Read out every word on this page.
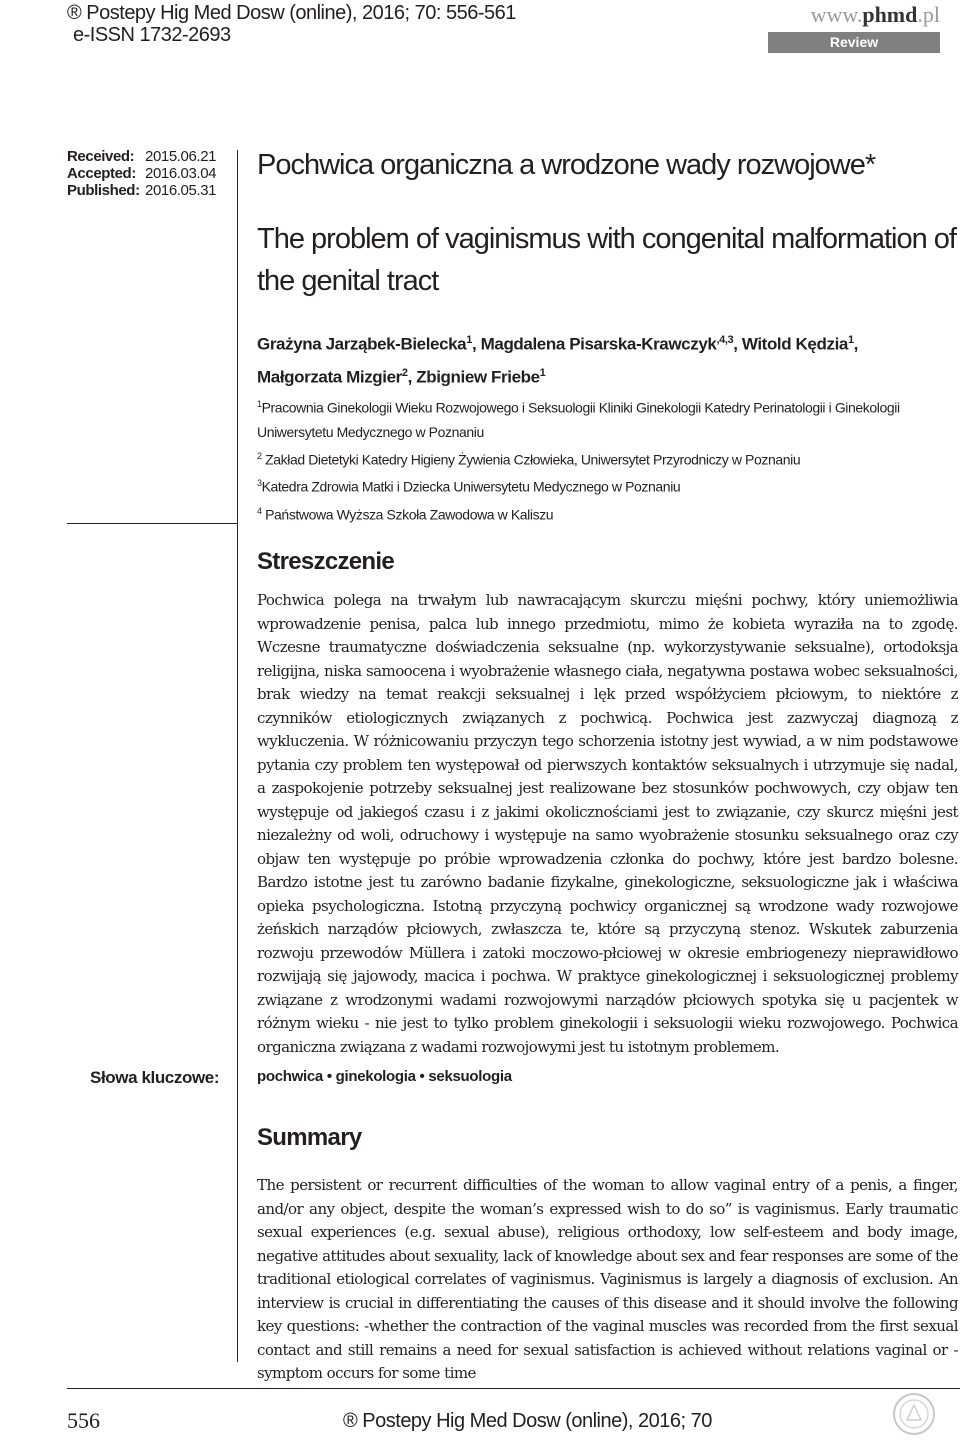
® Postepy Hig Med Dosw (online), 2016; 70: 556-561
e-ISSN 1732-2693
www.phmd.pl
Review
Received: 2015.06.21
Accepted: 2016.03.04
Published: 2016.05.31
Pochwica organiczna a wrodzone wady rozwojowe*
The problem of vaginismus with congenital malformation of the genital tract
Grażyna Jarząbek-Bielecka$^1$, Magdalena Pisarska-Krawczyk$^{,4,3}$, Witold Kędzia$^1$,
Małgorzata Mizgier$^2$, Zbigniew Friebe$^1$
$^1$Pracownia Ginekologii Wieku Rozwojowego i Seksuologii Kliniki Ginekologii Katedry Perinatologii i Ginekologii Uniwersytetu Medycznego w Poznaniu
$^2$ Zakład Dietetyki Katedry Higieny Żywienia Człowieka, Uniwersytet Przyrodniczy w Poznaniu
$^3$Katedra Zdrowia Matki i Dziecka Uniwersytetu Medycznego w Poznaniu
$^4$ Państwowa Wyższa Szkoła Zawodowa w Kaliszu
Streszczenie
Pochwica polega na trwałym lub nawracającym skurczu mięśni pochwy, który uniemożliwia wprowadzenie penisa, palca lub innego przedmiotu, mimo że kobieta wyraziła na to zgodę. Wczesne traumatyczne doświadczenia seksualne (np. wykorzystywanie seksualne), ortodoksja religijna, niska samoocena i wyobrażenie własnego ciała, negatywna postawa wobec seksualności, brak wiedzy na temat reakcji seksualnej i lęk przed współżyciem płciowym, to niektóre z czynników etiologicznych związanych z pochwicą. Pochwica jest zazwyczaj diagnozą z wykluczenia. W różnicowaniu przyczyn tego schorzenia istotny jest wywiad, a w nim podstawowe pytania czy problem ten występował od pierwszych kontaktów seksualnych i utrzymuje się nadal, a zaspokojenie potrzeby seksualnej jest realizowane bez stosunków pochwowych, czy objaw ten występuje od jakiegoś czasu i z jakimi okolicznościami jest to związanie, czy skurcz mięśni jest niezależny od woli, odruchowy i występuje na samo wyobrażenie stosunku seksualnego oraz czy objaw ten występuje po próbie wprowadzenia członka do pochwy, które jest bardzo bolesne. Bardzo istotne jest tu zarówno badanie fizykalne, ginekologiczne, seksuologiczne jak i właściwa opieka psychologiczna. Istotną przyczyną pochwicy organicznej są wrodzone wady rozwojowe żeńskich narządów płciowych, zwłaszcza te, które są przyczyną stenoz. Wskutek zaburzenia rozwoju przewodów Müllera i zatoki moczowo-płciowej w okresie embriogenezy nieprawidłowo rozwijają się jajowody, macica i pochwa. W praktyce ginekologicznej i seksuologicznej problemy związane z wrodzonymi wadami rozwojowymi narządów płciowych spotyka się u pacjentek w różnym wieku - nie jest to tylko problem ginekologii i seksuologii wieku rozwojowego. Pochwica organiczna związana z wadami rozwojowymi jest tu istotnym problemem.
Słowa kluczowe:	pochwica • ginekologia • seksuologia
Summary
The persistent or recurrent difficulties of the woman to allow vaginal entry of a penis, a finger, and/or any object, despite the woman’s expressed wish to do so” is vaginismus. Early traumatic sexual experiences (e.g. sexual abuse), religious orthodoxy, low self-esteem and body image, negative attitudes about sexuality, lack of knowledge about sex and fear responses are some of the traditional etiological correlates of vaginismus. Vaginismus is largely a diagnosis of exclusion. An interview is crucial in differentiating the causes of this disease and it should involve the following key questions: -whether the contraction of the vaginal muscles was recorded from the first sexual contact and still remains a need for sexual satisfaction is achieved without relations vaginal or -symptom occurs for some time
556	® Postepy Hig Med Dosw (online), 2016; 70
